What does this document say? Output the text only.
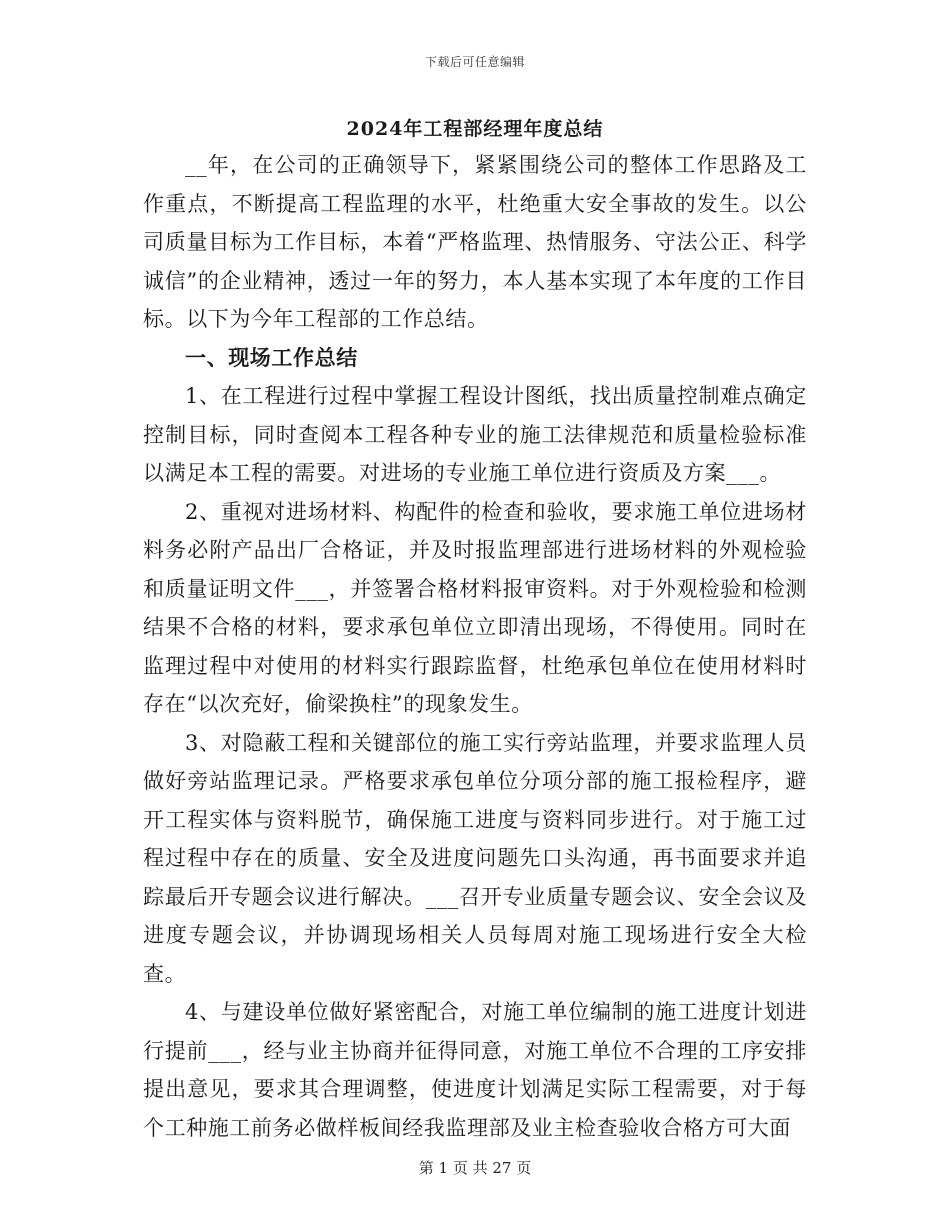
下载后可任意编辑
2024年工程部经理年度总结

__年，在公司的正确领导下，紧紧围绕公司的整体工作思路及工作重点，不断提高工程监理的水平，杜绝重大安全事故的发生。以公司质量目标为工作目标，本着“严格监理、热情服务、守法公正、科学诚信”的企业精神，透过一年的努力，本人基本实现了本年度的工作目标。以下为今年工程部的工作总结。

一、现场工作总结

1、在工程进行过程中掌握工程设计图纸，找出质量控制难点确定控制目标，同时查阅本工程各种专业的施工法律规范和质量检验标准以满足本工程的需要。对进场的专业施工单位进行资质及方案___。

2、重视对进场材料、构配件的检查和验收，要求施工单位进场材料务必附产品出厂合格证，并及时报监理部进行进场材料的外观检验和质量证明文件___，并签署合格材料报审资料。对于外观检验和检测结果不合格的材料，要求承包单位立即清出现场，不得使用。同时在监理过程中对使用的材料实行跟踪监督，杜绝承包单位在使用材料时存在“以次充好，偷梁换柱”的现象发生。

3、对隐蔽工程和关键部位的施工实行旁站监理，并要求监理人员做好旁站监理记录。严格要求承包单位分项分部的施工报检程序，避开工程实体与资料脱节，确保施工进度与资料同步进行。对于施工过程过程中存在的质量、安全及进度问题先口头沟通，再书面要求并追踪最后开专题会议进行解决。___召开专业质量专题会议、安全会议及进度专题会议，并协调现场相关人员每周对施工现场进行安全大检查。

4、与建设单位做好紧密配合，对施工单位编制的施工进度计划进行提前___，经与业主协商并征得同意，对施工单位不合理的工序安排提出意见，要求其合理调整，使进度计划满足实际工程需要，对于每个工种施工前务必做样板间经我监理部及业主检查验收合格方可大面

第 1 页 共 27 页
